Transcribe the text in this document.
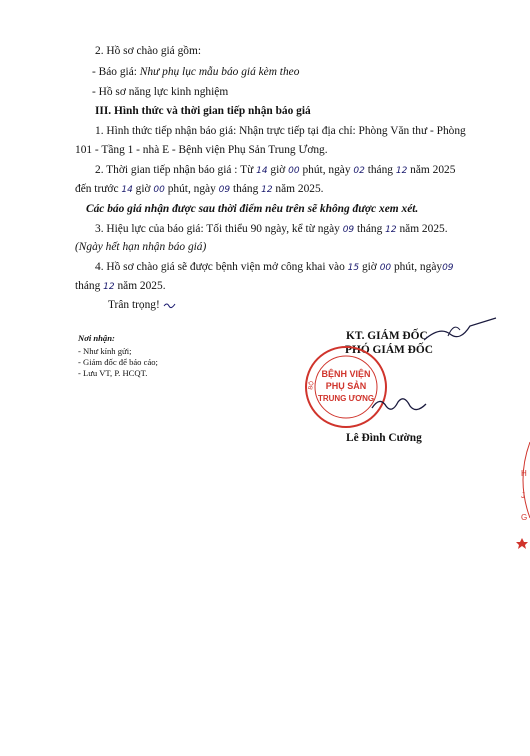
2. Hồ sơ chào giá gồm:
- Báo giá: Như phụ lục mẫu báo giá kèm theo
- Hồ sơ năng lực kinh nghiệm
III. Hình thức và thời gian tiếp nhận báo giá
1. Hình thức tiếp nhận báo giá: Nhận trực tiếp tại địa chỉ: Phòng Văn thư - Phòng
101 - Tầng 1 - nhà E - Bệnh viện Phụ Sản Trung Ương.
2. Thời gian tiếp nhận báo giá : Từ 14 giờ 00 phút, ngày 02 tháng 12 năm 2025
đến trước 14 giờ 00 phút, ngày 09 tháng 12 năm 2025.
Các báo giá nhận được sau thời điểm nêu trên sẽ không được xem xét.
3. Hiệu lực của báo giá: Tối thiểu 90 ngày, kể từ ngày 09 tháng 12 năm 2025.
(Ngày hết hạn nhận báo giá)
4. Hồ sơ chào giá sẽ được bệnh viện mở công khai vào 15 giờ 00 phút, ngày09
tháng 12 năm 2025.
Trân trọng!
Nơi nhận:
- Như kính gửi;
- Giám đốc để báo cáo;
- Lưu VT, P. HCQT.
KT. GIÁM ĐỐC
PHÓ GIÁM ĐỐC
BỆNH VIỆN
PHỤ SẢN
TRUNG ƯƠNG
BỘ
Lê Đình Cường
H
J
G
